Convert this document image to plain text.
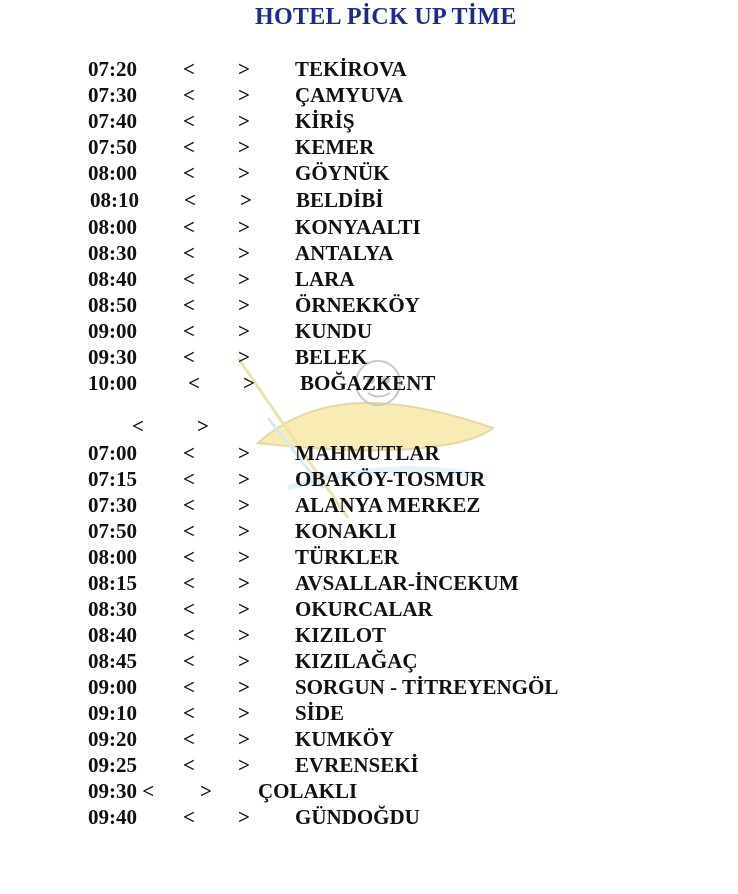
HOTEL PİCK UP TİME
07:20 < > TEKİROVA
07:30 < > ÇAMYUVA
07:40 < > KİRİŞ
07:50 < > KEMER
08:00 < > GÖYNÜK
08:10 < > BELDİBİ
08:00 < > KONYAALTI
08:30 < > ANTALYA
08:40 < > LARA
08:50 < > ÖRNEKKÖY
09:00 < > KUNDU
09:30 < > BELEK
10:00 < > BOĞAZKENT
<	>
07:00 < > MAHMUTLAR
07:15 < > OBAKÖY-TOSMUR
07:30 < > ALANYA MERKEZ
07:50 < > KONAKLI
08:00 < > TÜRKLER
08:15 < > AVSALLAR-İNCEKUM
08:30 < > OKURCALAR
08:40 < > KIZILOT
08:45 < > KIZILAĞAÇ
09:00 < > SORGUN - TİTREYENGÖL
09:10 < > SİDE
09:20 < > KUMKÖY
09:25 < > EVRENSEKİ
09:30 < > ÇOLAKLI
09:40 < > GÜNDOĞDU
